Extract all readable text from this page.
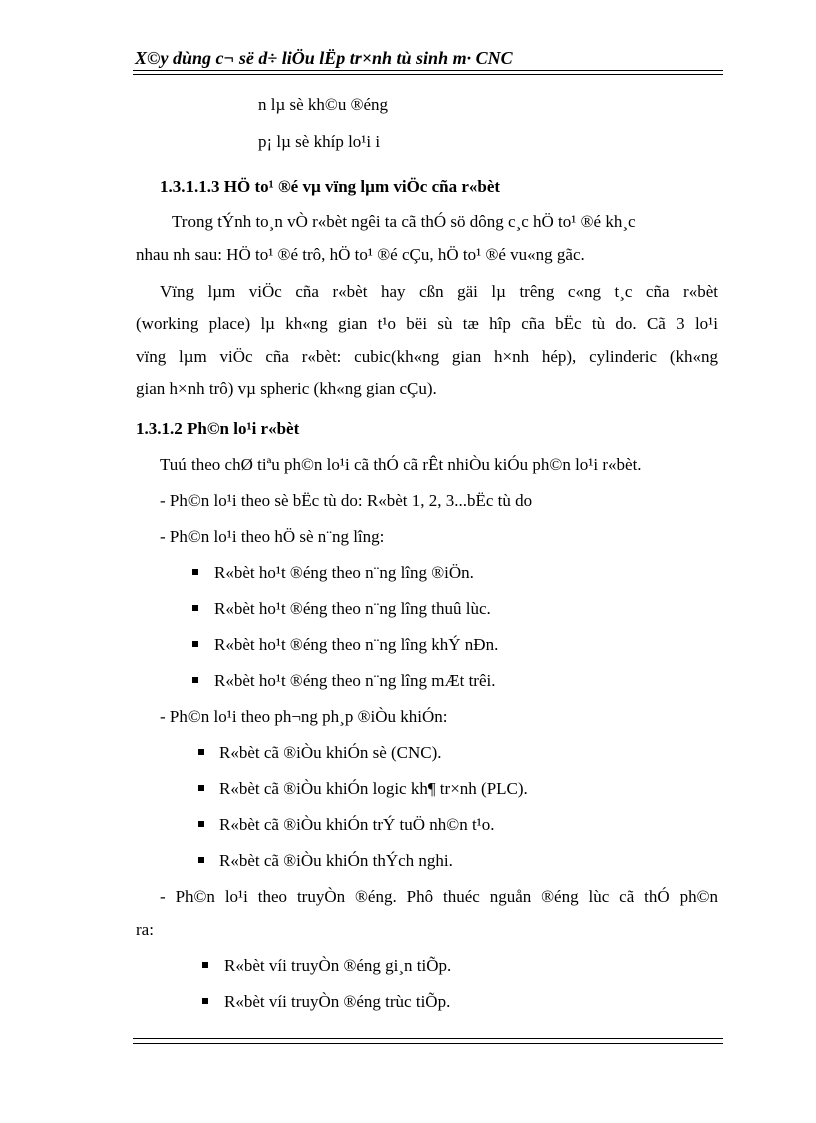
X©y dùng c¬ së d÷ liÖu lËp tr×nh tù sinh m· CNC
n lµ sè kh©u ®éng
p¡ lµ sè khíp lo¹i i
1.3.1.1.3 HÖ to¹ ®é vµ vïng lµm viÖc cña r«bèt
Trong tÝnh to¸n vÒ r«bèt ngêi ta cã thÓ sö dông c¸c hÖ to¹ ®é kh¸c
nhau nh sau: HÖ to¹ ®é trô, hÖ to¹ ®é cÇu, hÖ to¹ ®é vu«ng gãc.
Vïng lµm viÖc cña r«bèt hay cßn gäi lµ trêng c«ng t¸c cña r«bèt
(working place) lµ kh«ng gian t¹o bëi sù tæ hîp cña bËc tù do. Cã 3 lo¹i
vïng lµm viÖc cña r«bèt: cubic(kh«ng gian h×nh hép), cylinderic (kh«ng
gian h×nh trô) vµ spheric (kh«ng gian cÇu).
1.3.1.2 Ph©n lo¹i r«bèt
Tuú theo chØ tiªu ph©n lo¹i cã thÓ cã rÊt nhiÒu kiÓu ph©n lo¹i r«bèt.
- Ph©n lo¹i theo sè bËc tù do: R«bèt 1, 2, 3...bËc tù do
- Ph©n lo¹i theo hÖ sè n¨ng lîng:
R«bèt ho¹t ®éng theo n¨ng lîng ®iÖn.
R«bèt ho¹t ®éng theo n¨ng lîng thuû lùc.
R«bèt ho¹t ®éng theo n¨ng lîng khÝ nÐn.
R«bèt ho¹t ®éng theo n¨ng lîng mÆt trêi.
- Ph©n lo¹i theo ph¬ng ph¸p ®iÒu khiÓn:
R«bèt cã ®iÒu khiÓn sè (CNC).
R«bèt cã ®iÒu khiÓn logic kh¶ tr×nh (PLC).
R«bèt cã ®iÒu khiÓn trÝ tuÖ nh©n t¹o.
R«bèt cã ®iÒu khiÓn thÝch nghi.
- Ph©n lo¹i theo truyÒn ®éng. Phô thuéc nguån ®éng lùc cã thÓ ph©n
ra:
R«bèt víi truyÒn ®éng gi¸n tiÕp.
R«bèt víi truyÒn ®éng trùc tiÕp.
